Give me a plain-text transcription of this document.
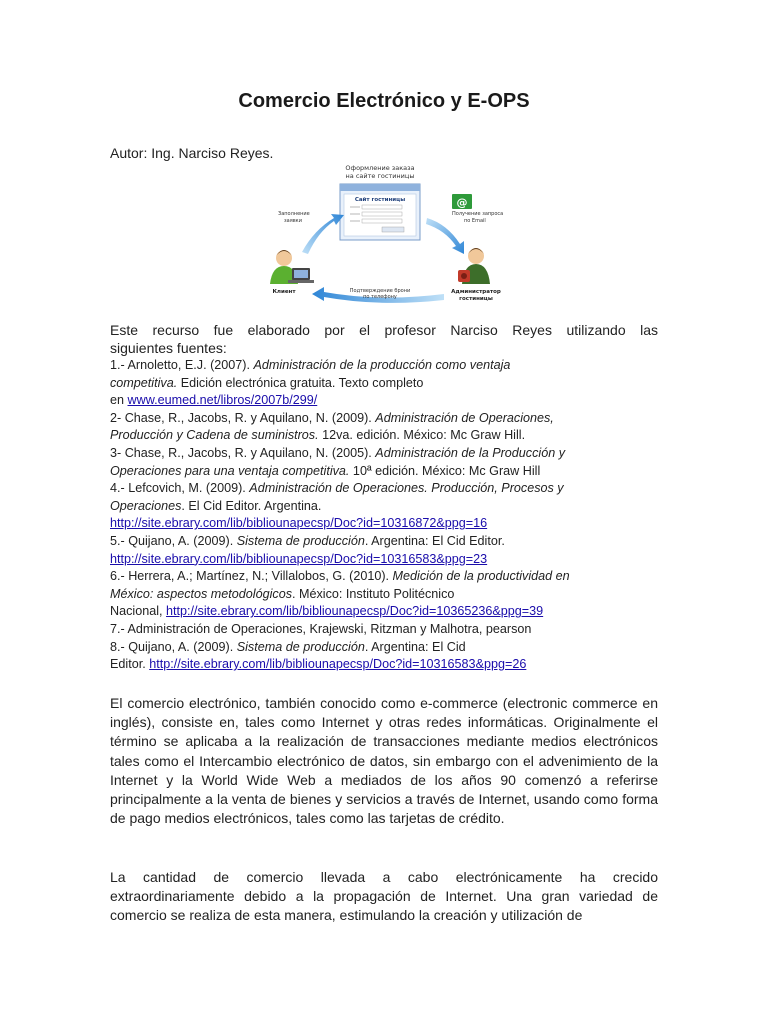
Comercio Electrónico y E-OPS
Autor: Ing. Narciso Reyes.
Оформление заказа
на сайте гостиницы
Сайт гостиницы
Заполнение
заявки
Получение запроса
по Email
Подтверждение брони
по телефону
@
Клиент	Администратор
гостиницы
Este recurso fue elaborado por el profesor Narciso Reyes utilizando las
siguientes fuentes:

1.- Arnoletto, E.J. (2007). Administración de la producción como ventaja

competitiva. Edición electrónica gratuita. Texto completo

en www.eumed.net/libros/2007b/299/

2- Chase, R., Jacobs, R. y Aquilano, N. (2009). Administración de Operaciones,

Producción y Cadena de suministros. 12va. edición. México: Mc Graw Hill.

3- Chase, R., Jacobs, R. y Aquilano, N. (2005). Administración de la Producción y

Operaciones para una ventaja competitiva. 10ª edición. México: Mc Graw Hill

4.- Lefcovich, M. (2009). Administración de Operaciones. Producción, Procesos y

Operaciones. El Cid Editor. Argentina.

http://site.ebrary.com/lib/bibliounapecsp/Doc?id=10316872&ppg=16

5.- Quijano, A. (2009). Sistema de producción. Argentina: El Cid Editor.

http://site.ebrary.com/lib/bibliounapecsp/Doc?id=10316583&ppg=23

6.- Herrera, A.; Martínez, N.; Villalobos, G. (2010). Medición de la productividad en

México: aspectos metodológicos. México: Instituto Politécnico

Nacional, http://site.ebrary.com/lib/bibliounapecsp/Doc?id=10365236&ppg=39

7.- Administración de Operaciones, Krajewski, Ritzman y Malhotra, pearson

8.- Quijano, A. (2009). Sistema de producción. Argentina: El Cid

Editor. http://site.ebrary.com/lib/bibliounapecsp/Doc?id=10316583&ppg=26

El comercio electrónico, también conocido como e-commerce (electronic commerce en inglés), consiste en, tales como Internet y otras redes informáticas. Originalmente el término se aplicaba a la realización de transacciones mediante medios electrónicos tales como el Intercambio electrónico de datos, sin embargo con el advenimiento de la Internet y la World Wide Web a mediados de los años 90 comenzó a referirse principalmente a la venta de bienes y servicios a través de Internet, usando como forma de pago medios electrónicos, tales como las tarjetas de crédito.

La cantidad de comercio llevada a cabo electrónicamente ha crecido extraordinariamente debido a la propagación de Internet. Una gran variedad de comercio se realiza de esta manera, estimulando la creación y utilización de
